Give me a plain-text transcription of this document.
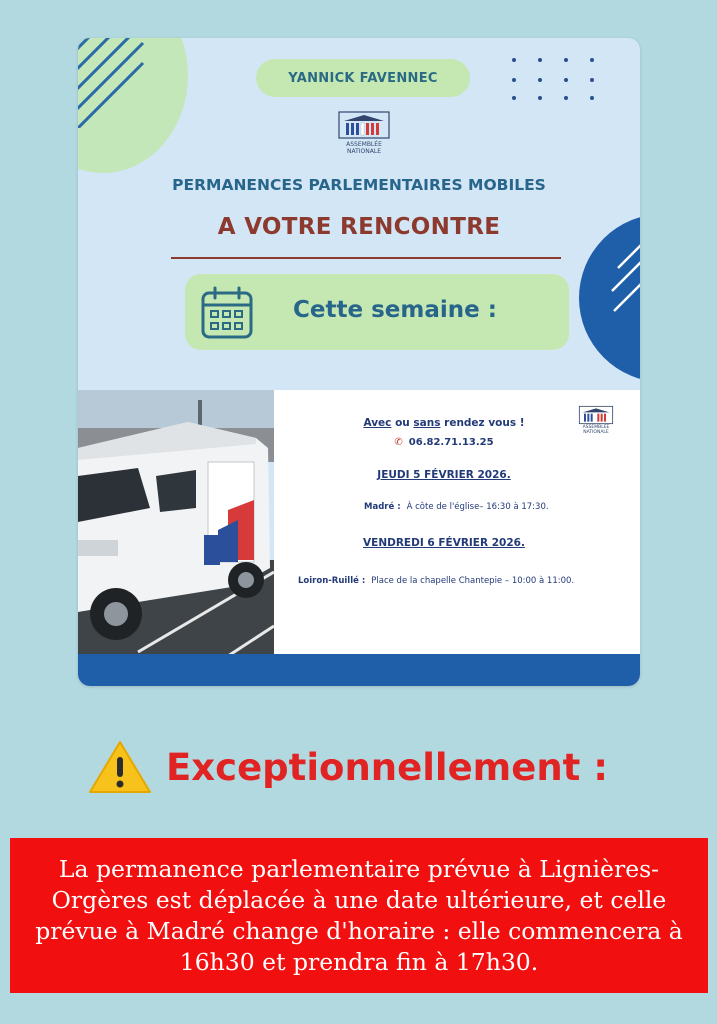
YANNICK FAVENNEC
ASSEMBLÉE NATIONALE
PERMANENCES PARLEMENTAIRES MOBILES
A VOTRE RENCONTRE
Cette semaine :
ASSEMBLÉE NATIONALE
Avec ou sans rendez vous !
✆ 06.82.71.13.25
JEUDI 5 FÉVRIER 2026.
Madré : À côte de l'église– 16:30 à 17:30.
VENDREDI 6 FÉVRIER 2026.
Loiron-Ruillé : Place de la chapelle Chantepie – 10:00 à 11:00.
Exceptionnellement :
La permanence parlementaire prévue à Lignières-Orgères est déplacée à une date ultérieure, et celle prévue à Madré change d'horaire : elle commencera à 16h30 et prendra fin à 17h30.
